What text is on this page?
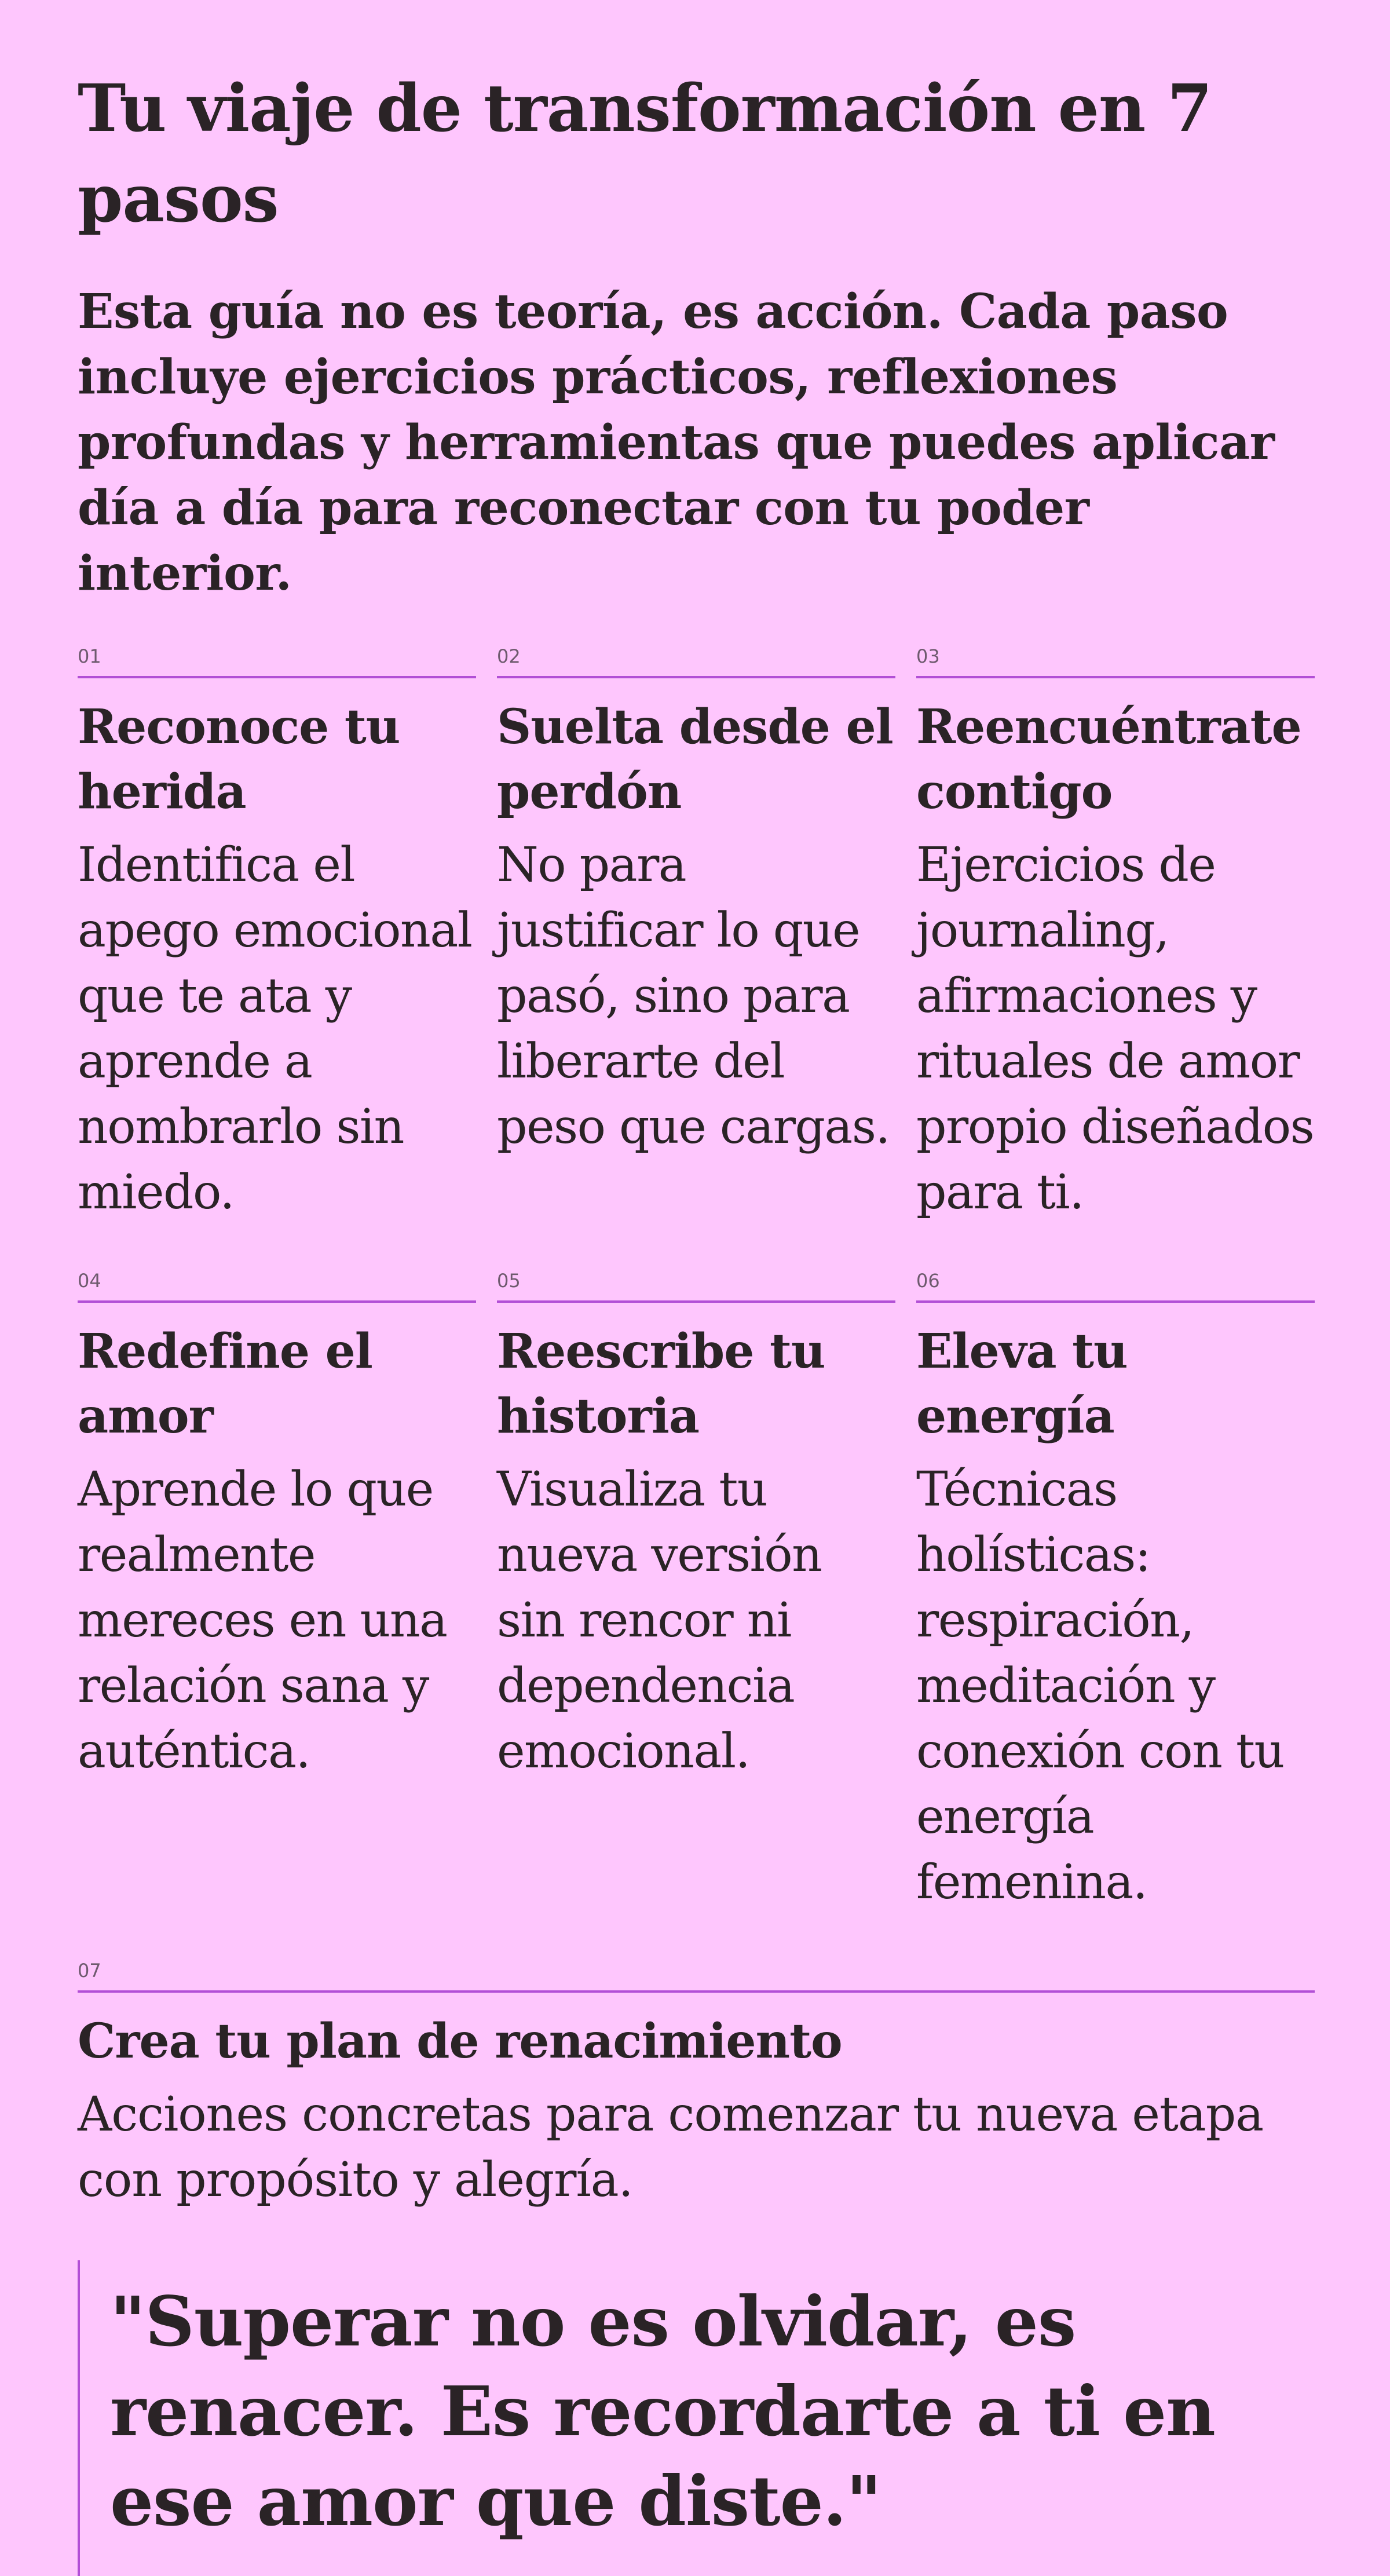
Tu viaje de transformación en 7 pasos

Esta guía no es teoría, es acción. Cada paso incluye ejercicios prácticos, reflexiones profundas y herramientas que puedes aplicar día a día para reconectar con tu poder interior.

01
Reconoce tu herida

Identifica el apego emocional que te ata y aprende a nombrarlo sin miedo.

02
Suelta desde el perdón

No para justificar lo que pasó, sino para liberarte del peso que cargas.

03
Reencuéntrate contigo

Ejercicios de journaling, afirmaciones y rituales de amor propio diseñados para ti.

04
Redefine el amor

Aprende lo que realmente mereces en una relación sana y auténtica.

05
Reescribe tu historia

Visualiza tu nueva versión sin rencor ni dependencia emocional.

06
Eleva tu energía

Técnicas holísticas: respiración, meditación y conexión con tu energía femenina.

07
Crea tu plan de renacimiento

Acciones concretas para comenzar tu nueva etapa con propósito y alegría.

"Superar no es olvidar, es renacer. Es recordarte a ti en ese amor que diste."
